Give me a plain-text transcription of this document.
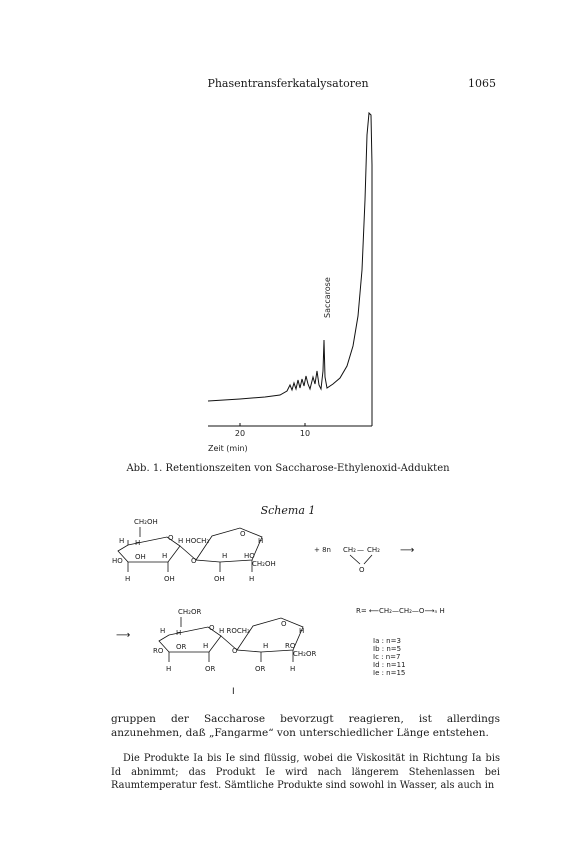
Phasentransferkatalysatoren	1065
20	10
Zeit (min)
Saccarose
Abb. 1. Retentionszeiten von Saccharose-Ethylenoxid-Addukten
Schema 1
CH₂OH
H H
O H HOCH₂
O
H
HO OH H
O
H HO
CH₂OH
H	OH	OH	H
+ 8n CH₂ — CH₂
O
⟶
⟶
CH₂OR
H H
O H ROCH₂
O
H
RO OR H
O
H RO
CH₂OR
H	OR	OR	H
I
R= ⟵CH₂—CH₂—O⟶ₙ H
Ia : n=3
Ib : n=5
Ic : n=7
Id : n=11
Ie : n=15
gruppen der Saccharose bevorzugt reagieren, ist allerdings anzunehmen, daß „Fangarme“ von unterschiedlicher Länge entstehen.
Die Produkte Ia bis Ie sind flüssig, wobei die Viskosität in Richtung Ia bis Id abnimmt; das Produkt Ie wird nach längerem Stehenlassen bei Raumtemperatur fest. Sämtliche Produkte sind sowohl in Wasser, als auch in
